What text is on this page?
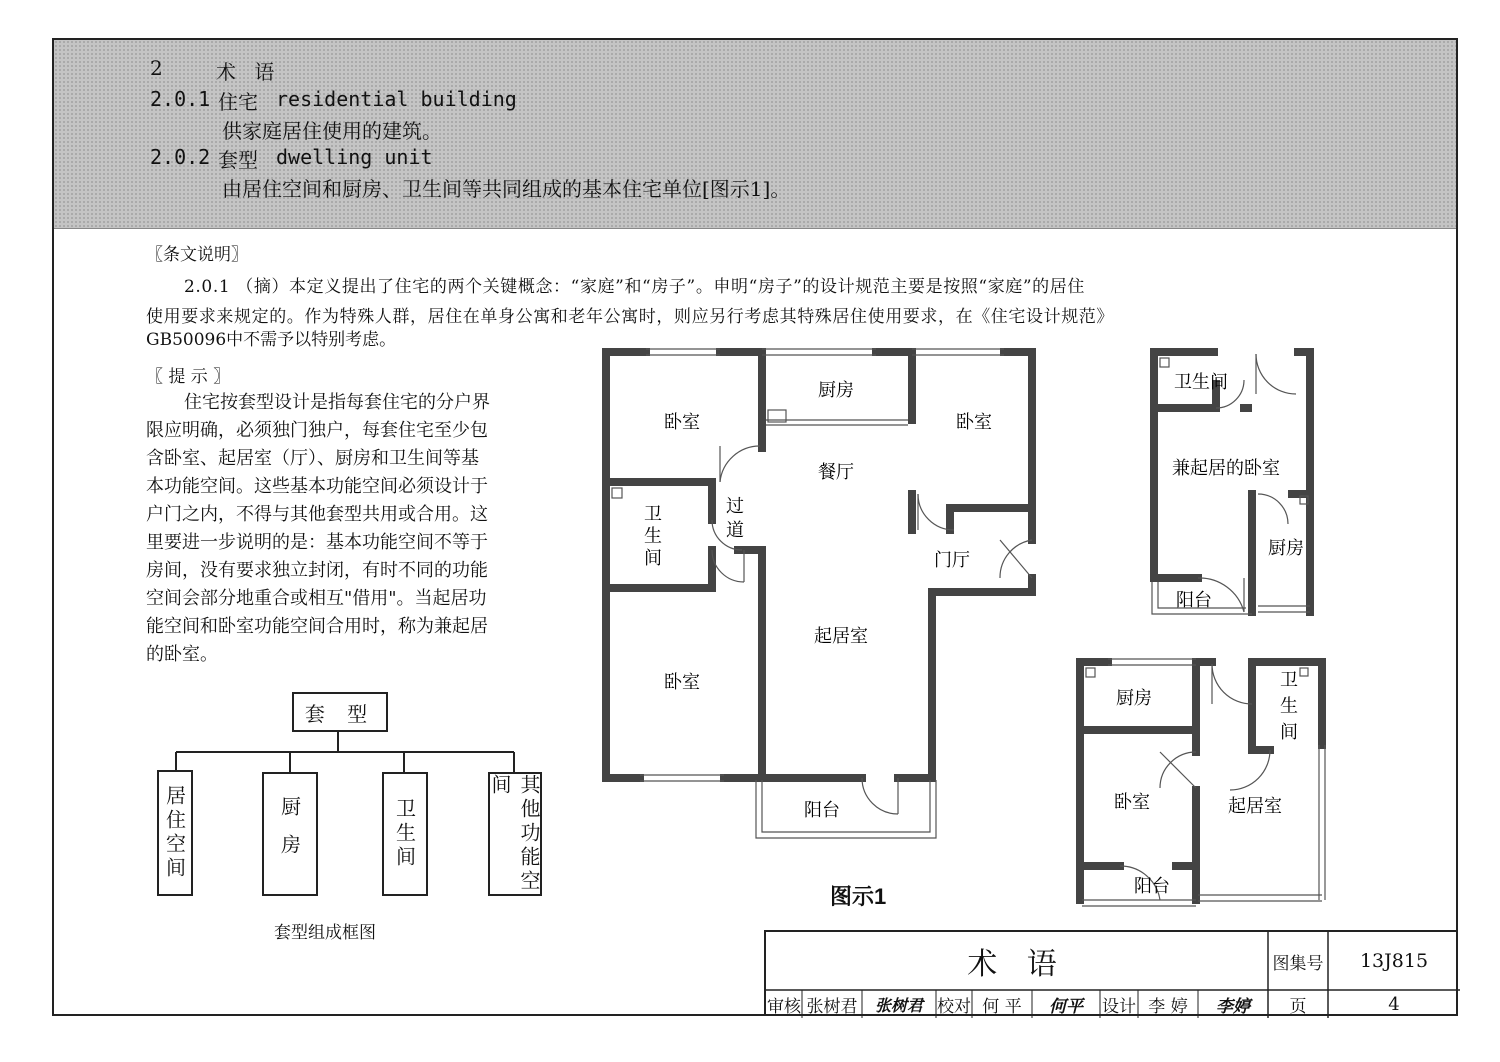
2	术 语
2.0.1 住宅 residential building
供家庭居住使用的建筑。
2.0.2 套型 dwelling unit
由居住空间和厨房、卫生间等共同组成的基本住宅单位[图示1]。
〖条文说明〗
2.0.1 （摘）本定义提出了住宅的两个关键概念：“家庭”和“房子”。申明“房子”的设计规范主要是按照“家庭”的居住
使用要求来规定的。作为特殊人群，居住在单身公寓和老年公寓时，则应另行考虑其特殊居住使用要求，在《住宅设计规范》
GB50096中不需予以特别考虑。
〖 提 示 〗
住宅按套型设计是指每套住宅的分户界
限应明确，必须独门独户，每套住宅至少包
含卧室、起居室（厅）、厨房和卫生间等基
本功能空间。这些基本功能空间必须设计于
户门之内，不得与其他套型共用或合用。这
里要进一步说明的是：基本功能空间不等于
房间，没有要求独立封闭，有时不同的功能
空间会部分地重合或相互"借用"。当起居功
能空间和卧室功能空间合用时，称为兼起居
的卧室。
套 型
居住空间	厨房	卫生间	其他功能空间
套型组成框图
卧室
厨房
卧室
餐厅
卫
生
间
过
道
门厅
起居室
卧室
阳台
卫生间
兼起居的卧室
厨房
阳台
厨房
卫
生
间
卧室	起居室
阳台
图示1
术 语	图集号	13J815
审核 张树君	张树君 校对 何 平	何平	设计 李 婷	李婷	页	4
